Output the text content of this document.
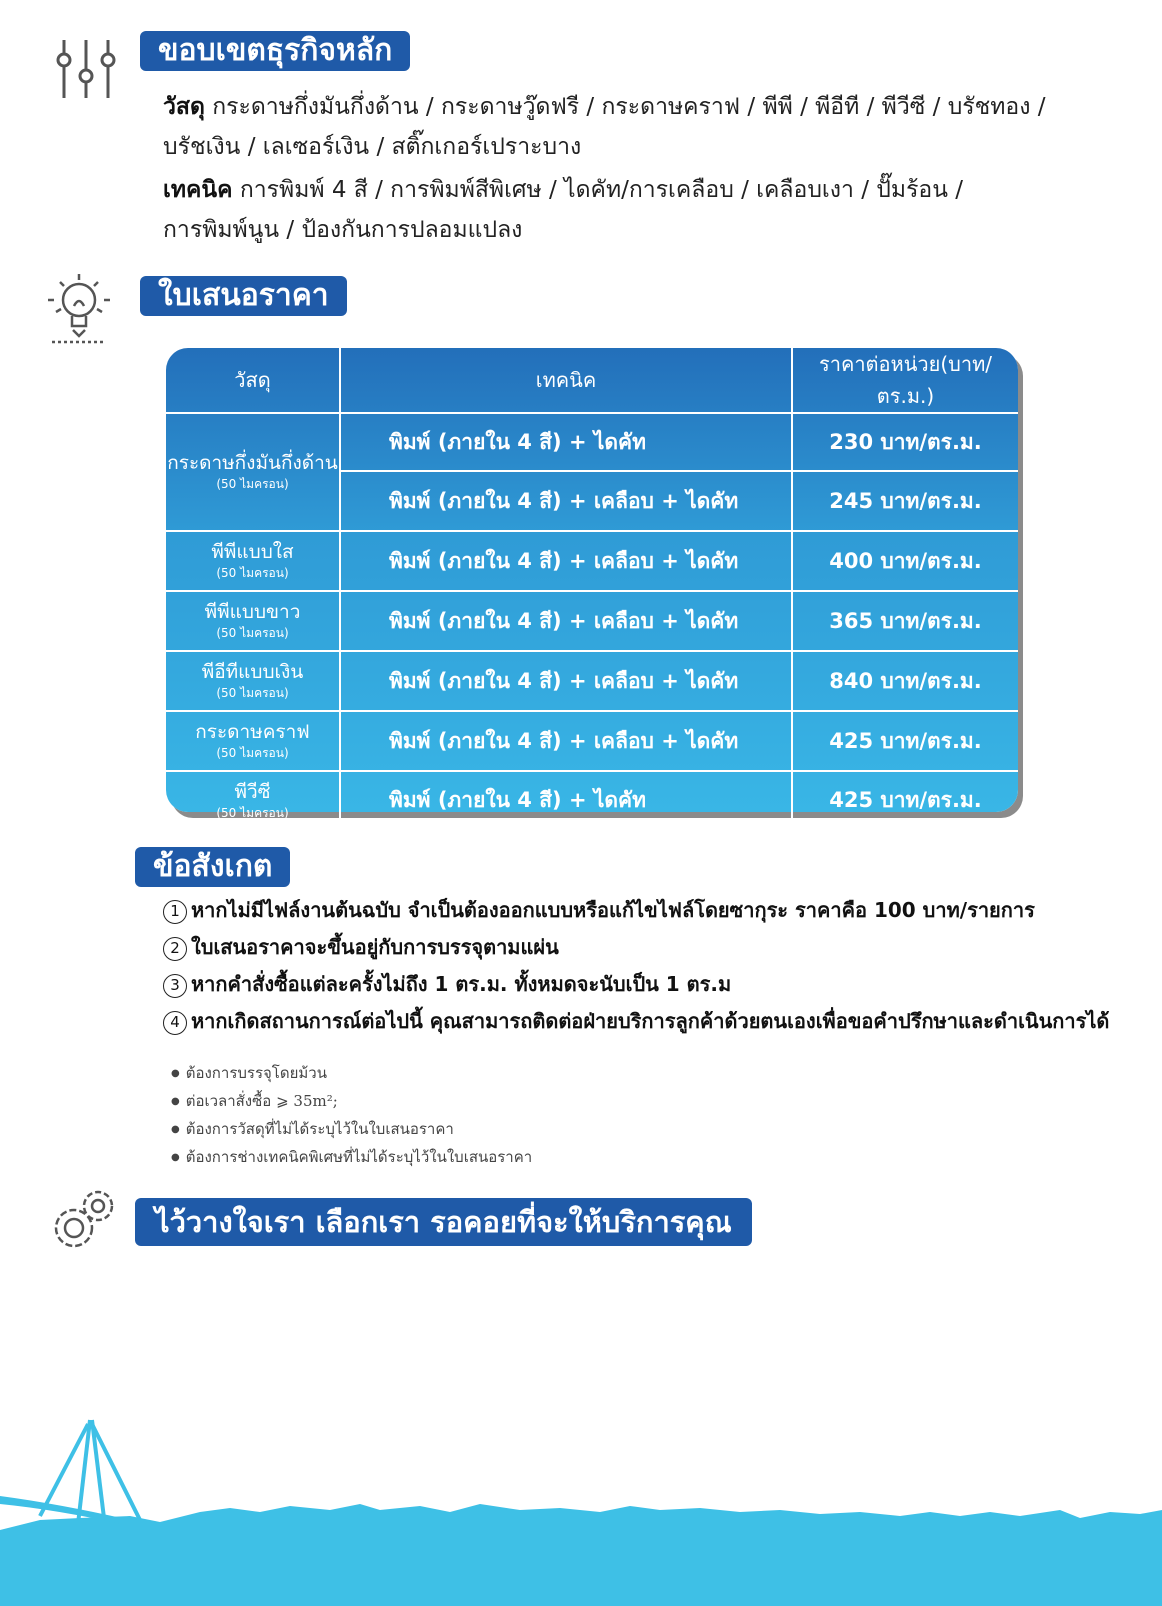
ขอบเขตธุรกิจหลัก
วัสดุ กระดาษกึ่งมันกึ่งด้าน / กระดาษวู๊ดฟรี / กระดาษคราฟ / พีพี / พีอีที / พีวีซี / บรัชทอง /
บรัชเงิน / เลเซอร์เงิน / สติ๊กเกอร์เปราะบาง
เทคนิค การพิมพ์ 4 สี / การพิมพ์สีพิเศษ / ไดคัท/การเคลือบ / เคลือบเงา / ปั๊มร้อน /
การพิมพ์นูน / ป้องกันการปลอมแปลง
ใบเสนอราคา
วัสดุ	เทคนิค	ราคาต่อหน่วย(บาท/ตร.ม.)
กระดาษกึ่งมันกึ่งด้าน
(50 ไมครอน)	พิมพ์ (ภายใน 4 สี) + ไดคัท	230 บาท/ตร.ม.
	พิมพ์ (ภายใน 4 สี) + เคลือบ + ไดคัท	245 บาท/ตร.ม.
พีพีแบบใส
(50 ไมครอน)	พิมพ์ (ภายใน 4 สี) + เคลือบ + ไดคัท	400 บาท/ตร.ม.
พีพีแบบขาว
(50 ไมครอน)	พิมพ์ (ภายใน 4 สี) + เคลือบ + ไดคัท	365 บาท/ตร.ม.
พีอีทีแบบเงิน
(50 ไมครอน)	พิมพ์ (ภายใน 4 สี) + เคลือบ + ไดคัท	840 บาท/ตร.ม.
กระดาษคราฟ
(50 ไมครอน)	พิมพ์ (ภายใน 4 สี) + เคลือบ + ไดคัท	425 บาท/ตร.ม.
พีวีซี
(50 ไมครอน)	พิมพ์ (ภายใน 4 สี) + ไดคัท	425 บาท/ตร.ม.
ข้อสังเกต
1 หากไม่มีไฟล์งานต้นฉบับ จำเป็นต้องออกแบบหรือแก้ไขไฟล์โดยซากุระ ราคาคือ 100 บาท/รายการ
2 ใบเสนอราคาจะขึ้นอยู่กับการบรรจุตามแผ่น
3 หากคำสั่งซื้อแต่ละครั้งไม่ถึง 1 ตร.ม. ทั้งหมดจะนับเป็น 1 ตร.ม
4 หากเกิดสถานการณ์ต่อไปนี้ คุณสามารถติดต่อฝ่ายบริการลูกค้าด้วยตนเองเพื่อขอคำปรึกษาและดำเนินการได้
● ต้องการบรรจุโดยม้วน
● ต่อเวลาสั่งซื้อ ⩾ 35m²;
● ต้องการวัสดุที่ไม่ได้ระบุไว้ในใบเสนอราคา
● ต้องการช่างเทคนิคพิเศษที่ไม่ได้ระบุไว้ในใบเสนอราคา
ไว้วางใจเรา เลือกเรา รอคอยที่จะให้บริการคุณ
